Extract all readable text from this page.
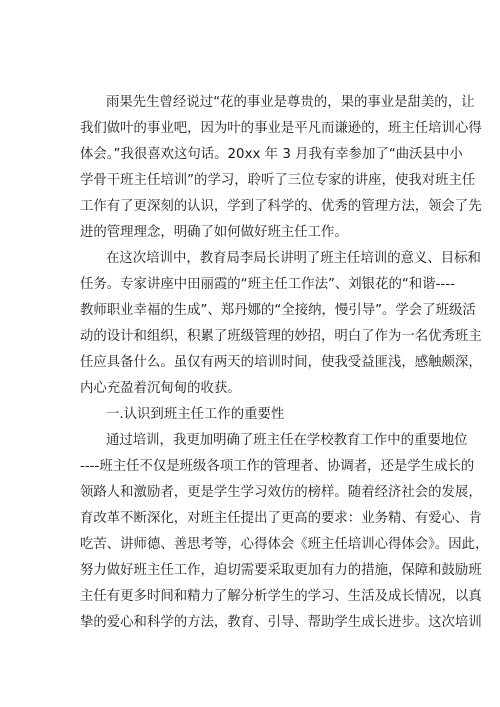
雨果先生曾经说过“花的事业是尊贵的，果的事业是甜美的，让
我们做叶的事业吧，因为叶的事业是平凡而谦逊的，班主任培训心得
体会。”我很喜欢这句话。20xx 年 3 月我有幸参加了“曲沃县中小
学骨干班主任培训”的学习，聆听了三位专家的讲座，使我对班主任
工作有了更深刻的认识，学到了科学的、优秀的管理方法，领会了先
进的管理理念，明确了如何做好班主任工作。
在这次培训中，教育局李局长讲明了班主任培训的意义、目标和
任务。专家讲座中田丽霞的“班主任工作法”、刘银花的“和谐----
教师职业幸福的生成”、郑丹娜的“全接纳，慢引导”。学会了班级活
动的设计和组织，积累了班级管理的妙招，明白了作为一名优秀班主
任应具备什么。虽仅有两天的培训时间，使我受益匪浅，感触颇深，
内心充盈着沉甸甸的收获。
一.认识到班主任工作的重要性
通过培训，我更加明确了班主任在学校教育工作中的重要地位
----班主任不仅是班级各项工作的管理者、协调者，还是学生成长的
领路人和激励者，更是学生学习效仿的榜样。随着经济社会的发展，
育改革不断深化，对班主任提出了更高的要求：业务精、有爱心、肯
吃苦、讲师德、善思考等，心得体会《班主任培训心得体会》。因此，
努力做好班主任工作，迫切需要采取更加有力的措施，保障和鼓励班
主任有更多时间和精力了解分析学生的学习、生活及成长情况，以真
挚的爱心和科学的方法，教育、引导、帮助学生成长进步。这次培训
